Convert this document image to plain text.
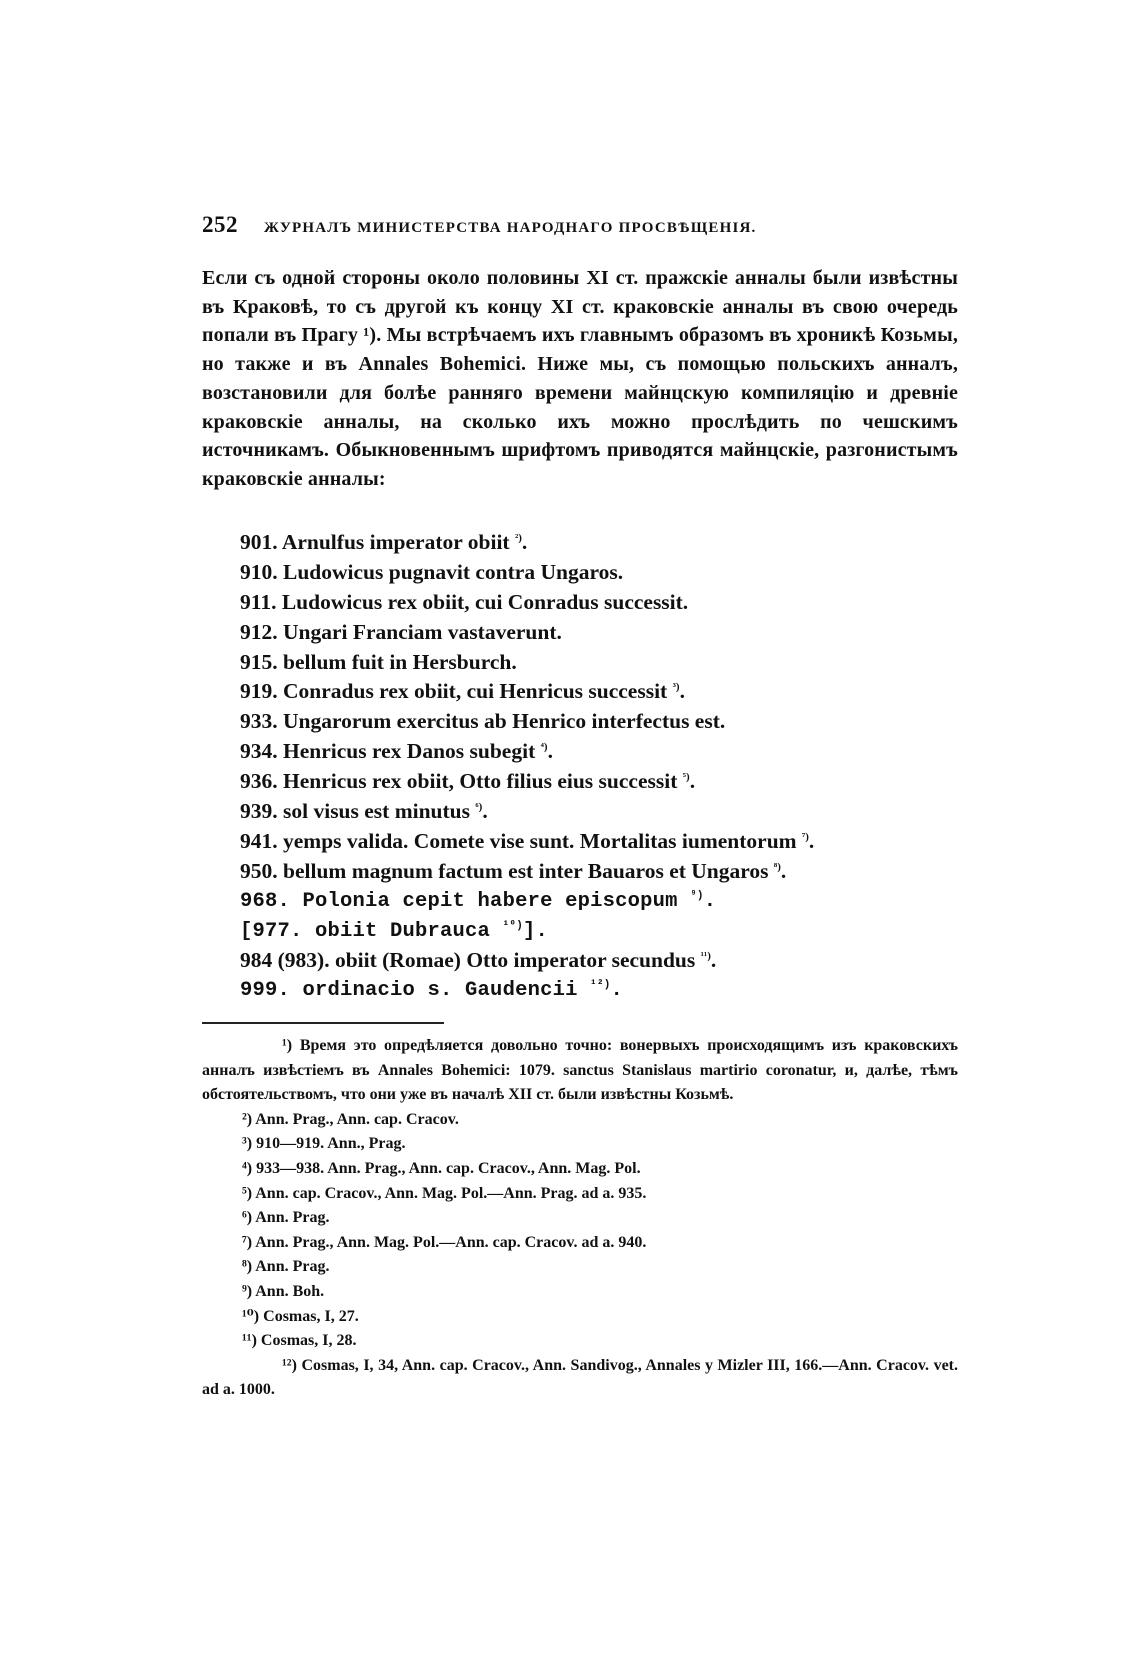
252	ЖУРНАЛЪ МИНИСТЕРСТВА НАРОДНАГО ПРОСВѢЩЕНІЯ.

Если съ одной стороны около половины XI ст. пражскіе анналы были извѣстны въ Краковѣ, то съ другой къ концу XI ст. краковскіе анналы въ свою очередь попали въ Прагу ¹). Мы встрѣчаемъ ихъ главнымъ образомъ въ хроникѣ Козьмы, но также и въ Annales Bohemici. Ниже мы, съ помощью польскихъ анналъ, возстановили для болѣе ранняго времени майнцскую компиляцію и древніе краковскіе анналы, на сколько ихъ можно прослѣдить по чешскимъ источникамъ. Обыкновеннымъ шрифтомъ приводятся майнцскіе, разгонистымъ краковскіе анналы:

901. Arnulfus imperator obiit $^{^2)}$.
910. Ludowicus pugnavit contra Ungaros.
911. Ludowicus rex obiit, cui Conradus successit.
912. Ungari Franciam vastaverunt.
915. bellum fuit in Hersburch.
919. Conradus rex obiit, cui Henricus successit $^{^3)}$.
933. Ungarorum exercitus ab Henrico interfectus est.
934. Henricus rex Danos subegit $^{^4)}$.
936. Henricus rex obiit, Otto filius eius successit $^{^5)}$.
939. sol visus est minutus $^{^6)}$.
941. yemps valida. Comete vise sunt. Mortalitas iumentorum $^{^7)}$.
950. bellum magnum factum est inter Bauaros et Ungaros $^{^8)}$.
968. Polonia cepit habere episcopum $^{^9)}$.
[977. obiit Dubrauca $^{^{10})}$].
984 (983). obiit (Romae) Otto imperator secundus $^{^{11})}$.
999. ordinacio s. Gaudencii $^{^{12})}$.
¹) Время это опредѣляется довольно точно: вонервыхъ происходящимъ изъ краковскихъ анналъ извѣстіемъ въ Annales Bohemici: 1079. sanctus Stanislaus martirio coronatur, и, далѣе, тѣмъ обстоятельствомъ, что они уже въ началѣ XII ст. были извѣстны Козьмѣ.
²) Ann. Prag., Ann. cap. Cracov.
³) 910—919. Ann., Prag.
⁴) 933—938. Ann. Prag., Ann. cap. Cracov., Ann. Mag. Pol.
⁵) Ann. cap. Cracov., Ann. Mag. Pol.—Ann. Prag. ad a. 935.
⁶) Ann. Prag.
⁷) Ann. Prag., Ann. Mag. Pol.—Ann. cap. Cracov. ad a. 940.
⁸) Ann. Prag.
⁹) Ann. Boh.
¹⁰) Cosmas, I, 27.
¹¹) Cosmas, I, 28.
¹²) Cosmas, I, 34, Ann. cap. Cracov., Ann. Sandivog., Annales y Mizler III, 166.—Ann. Cracov. vet. ad a. 1000.
